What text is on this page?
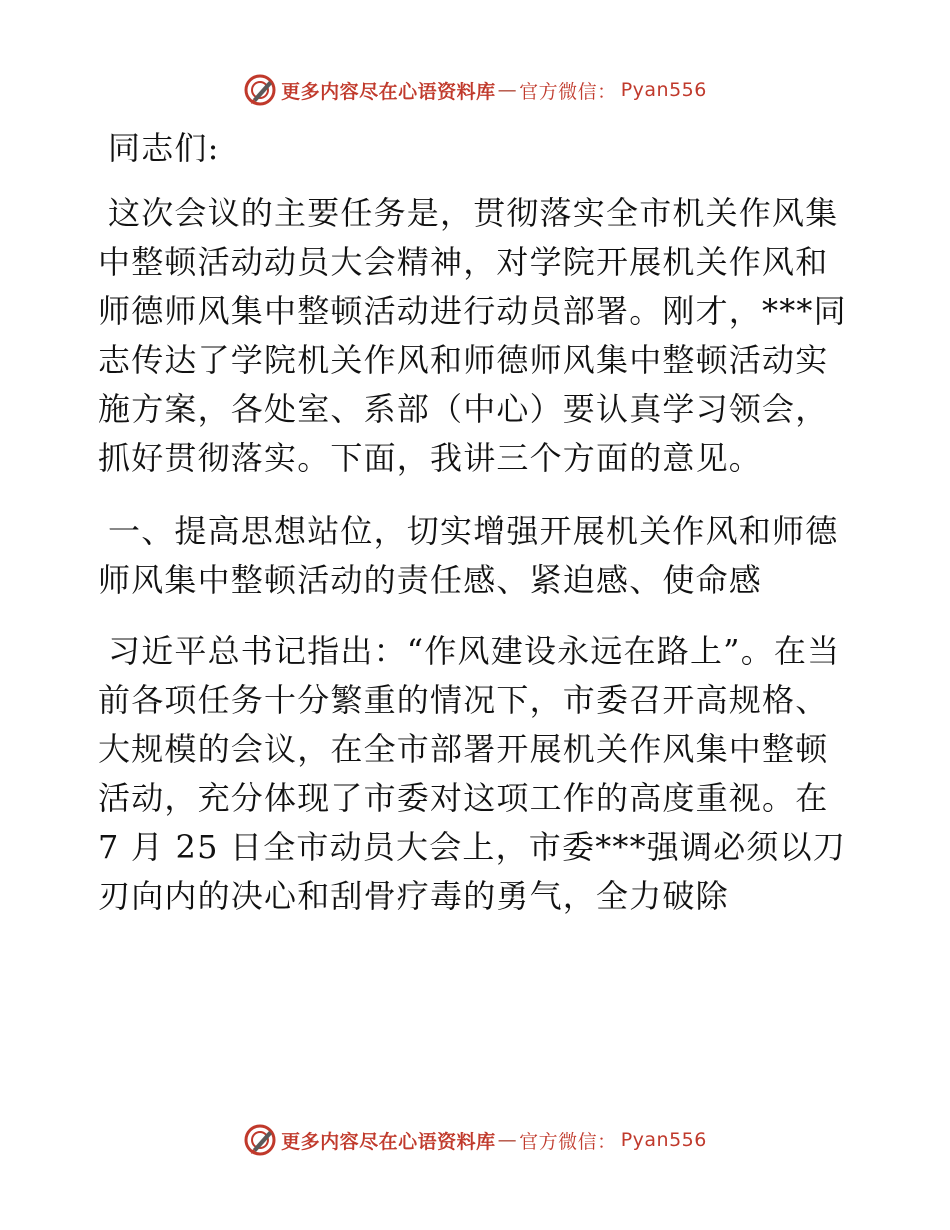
更多内容尽在心语资料库 — 官方微信： Pyan556

同志们:

这次会议的主要任务是，贯彻落实全市机关作风集中整顿活动动员大会精神，对学院开展机关作风和师德师风集中整顿活动进行动员部署。刚才，***同志传达了学院机关作风和师德师风集中整顿活动实施方案，各处室、系部（中心）要认真学习领会，抓好贯彻落实。下面，我讲三个方面的意见。

一、提高思想站位，切实增强开展机关作风和师德师风集中整顿活动的责任感、紧迫感、使命感

习近平总书记指出：“作风建设永远在路上”。在当前各项任务十分繁重的情况下，市委召开高规格、大规模的会议，在全市部署开展机关作风集中整顿活动，充分体现了市委对这项工作的高度重视。在 7 月 25 日全市动员大会上，市委***强调必须以刀刃向内的决心和刮骨疗毒的勇气，全力破除

更多内容尽在心语资料库 — 官方微信： Pyan556
